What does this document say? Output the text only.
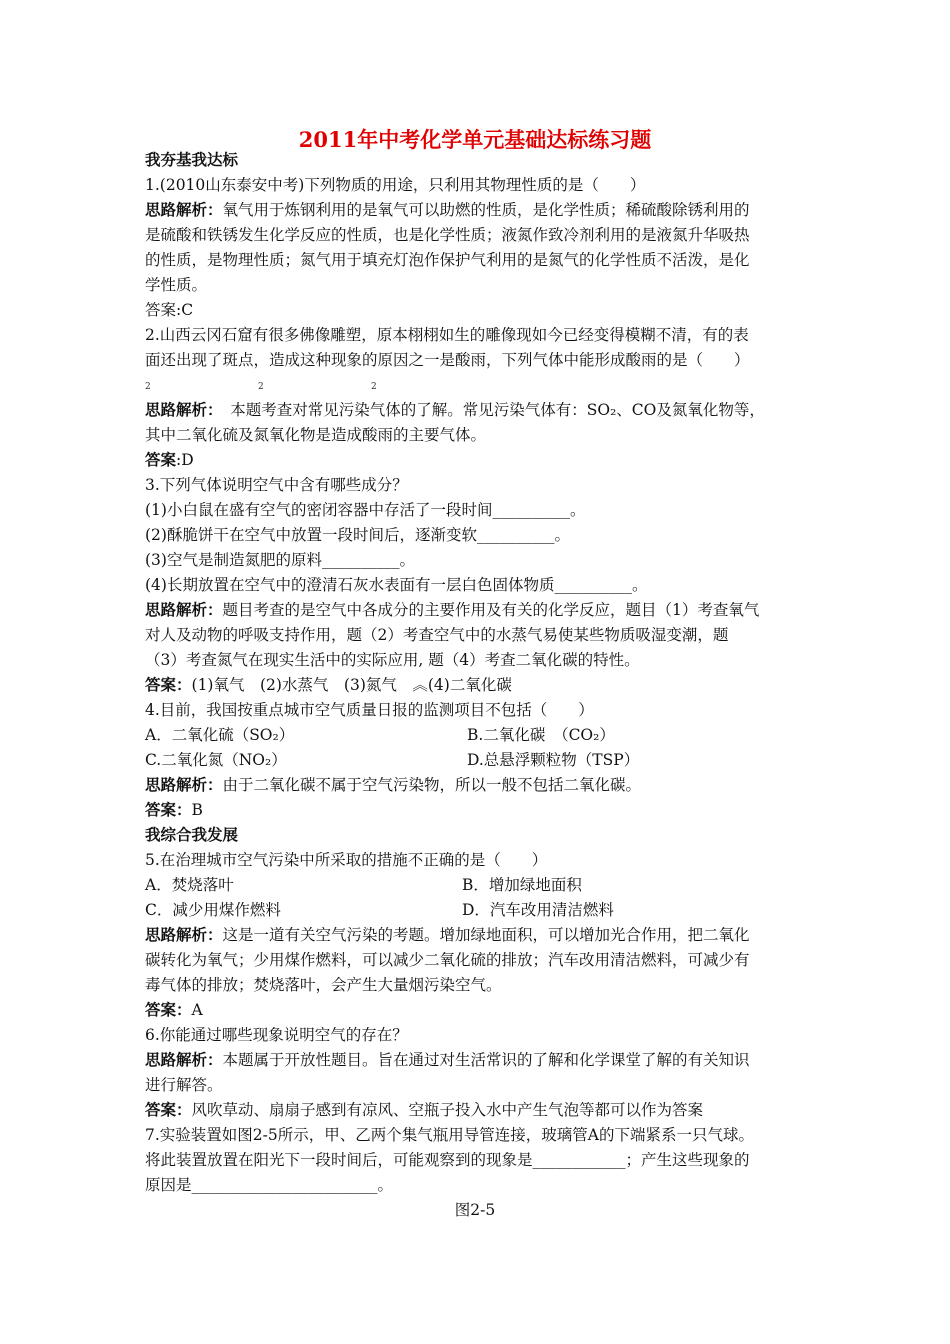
2011年中考化学单元基础达标练习题
我夯基我达标
1.(2010山东泰安中考)下列物质的用途，只利用其物理性质的是（　　）
思路解析：氧气用于炼钢利用的是氧气可以助燃的性质，是化学性质；稀硫酸除锈利用的
是硫酸和铁锈发生化学反应的性质，也是化学性质；液氮作致冷剂利用的是液氮升华吸热
的性质，是物理性质；氮气用于填充灯泡作保护气利用的是氮气的化学性质不活泼，是化
学性质。
答案:C
2.山西云冈石窟有很多佛像雕塑，原本栩栩如生的雕像现如今已经变得模糊不清，有的表
面还出现了斑点，造成这种现象的原因之一是酸雨，下列气体中能形成酸雨的是（　　）
2	2	2
思路解析：　本题考查对常见污染气体的了解。常见污染气体有：SO₂、CO及氮氧化物等，
其中二氧化硫及氮氧化物是造成酸雨的主要气体。
答案:D
3.下列气体说明空气中含有哪些成分？
(1)小白鼠在盛有空气的密闭容器中存活了一段时间__________。
(2)酥脆饼干在空气中放置一段时间后，逐渐变软__________。
(3)空气是制造氮肥的原料__________。
(4)长期放置在空气中的澄清石灰水表面有一层白色固体物质__________。
思路解析：题目考查的是空气中各成分的主要作用及有关的化学反应，题目（1）考查氧气
对人及动物的呼吸支持作用，题（2）考查空气中的水蒸气易使某些物质吸湿变潮，题
（3）考查氮气在现实生活中的实际应用, 题（4）考查二氧化碳的特性。
答案：(1)氧气　(2)水蒸气　(3)氮气　︽(4)二氧化碳
4.目前，我国按重点城市空气质量日报的监测项目不包括（　　）
A．二氧化硫（SO₂）	B.二氧化碳　（CO₂）
C.二氧化氮（NO₂）	D.总悬浮颗粒物（TSP）
思路解析：由于二氧化碳不属于空气污染物，所以一般不包括二氧化碳。
答案：B
我综合我发展
5.在治理城市空气污染中所采取的措施不正确的是（　　）
A．焚烧落叶	B．增加绿地面积
C．减少用煤作燃料	D．汽车改用清洁燃料
思路解析：这是一道有关空气污染的考题。增加绿地面积，可以增加光合作用，把二氧化
碳转化为氧气；少用煤作燃料，可以减少二氧化硫的排放；汽车改用清洁燃料，可减少有
毒气体的排放；焚烧落叶，会产生大量烟污染空气。
答案：A
6.你能通过哪些现象说明空气的存在？
思路解析：本题属于开放性题目。旨在通过对生活常识的了解和化学课堂了解的有关知识
进行解答。
答案：风吹草动、扇扇子感到有凉风、空瓶子投入水中产生气泡等都可以作为答案
7.实验装置如图2-5所示，甲、乙两个集气瓶用导管连接，玻璃管A的下端紧系一只气球。
将此装置放置在阳光下一段时间后，可能观察到的现象是____________；产生这些现象的
原因是________________________。
图2-5
